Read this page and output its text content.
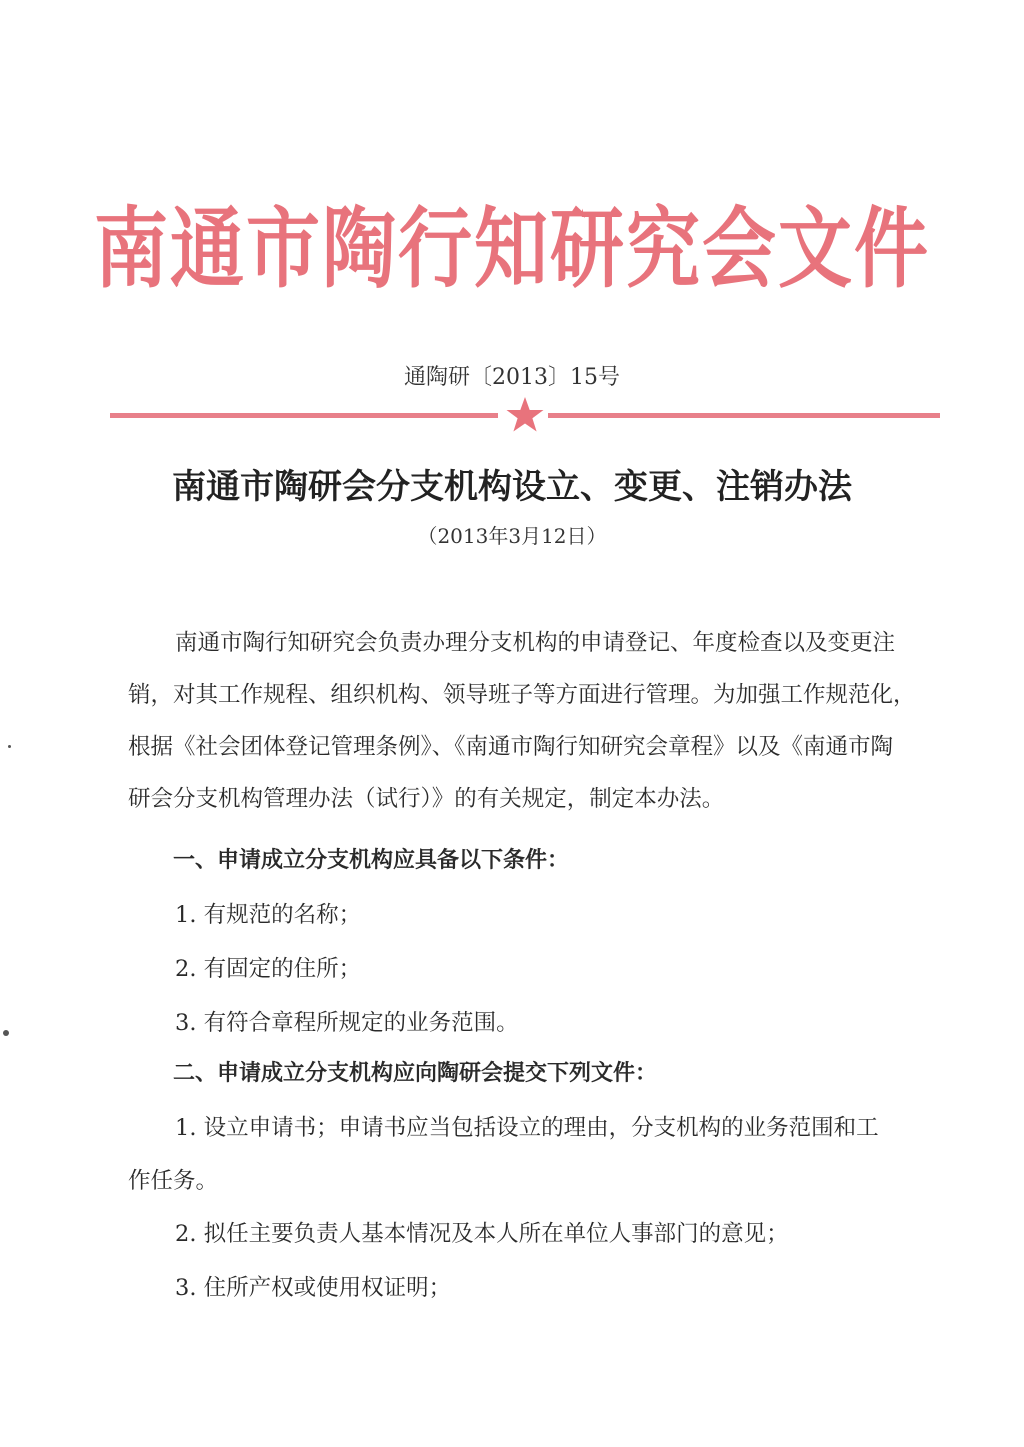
南通市陶行知研究会文件
通陶研〔2013〕15号
南通市陶研会分支机构设立、变更、注销办法
（2013年3月12日）
南通市陶行知研究会负责办理分支机构的申请登记、年度检查以及变更注
销，对其工作规程、组织机构、领导班子等方面进行管理。为加强工作规范化，
根据《社会团体登记管理条例》、《南通市陶行知研究会章程》以及《南通市陶
研会分支机构管理办法（试行）》的有关规定，制定本办法。
一、申请成立分支机构应具备以下条件：
1. 有规范的名称；
2. 有固定的住所；
3. 有符合章程所规定的业务范围。
二、申请成立分支机构应向陶研会提交下列文件：
1. 设立申请书；申请书应当包括设立的理由，分支机构的业务范围和工
作任务。
2. 拟任主要负责人基本情况及本人所在单位人事部门的意见；
3. 住所产权或使用权证明；
